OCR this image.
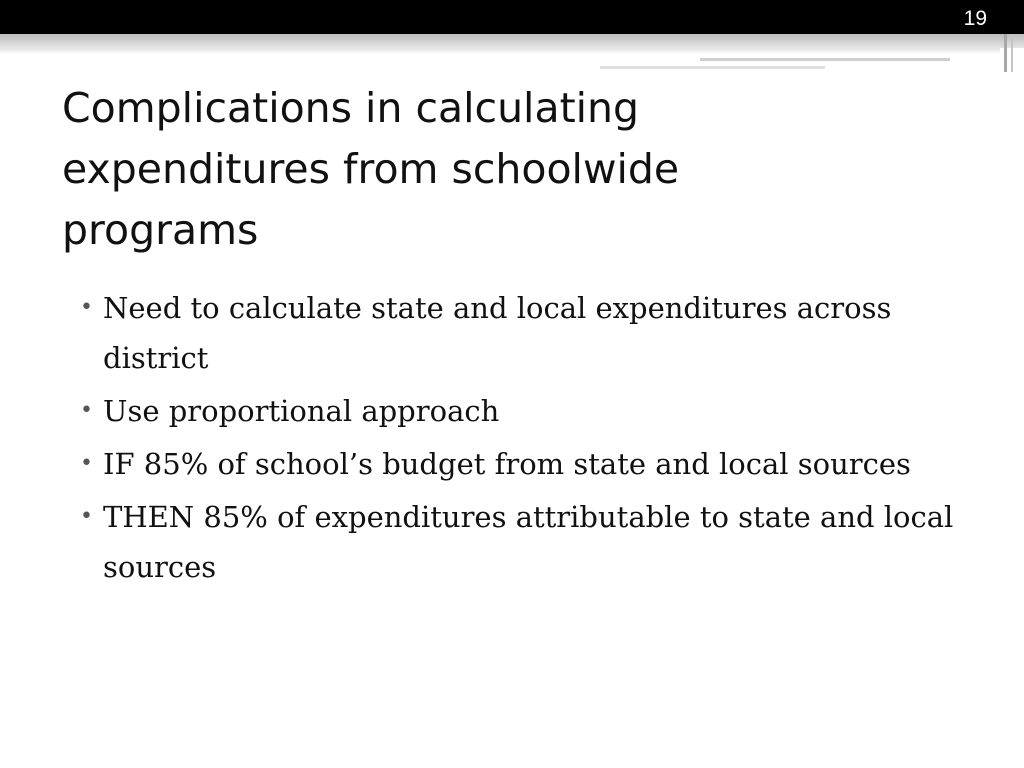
19
Complications in calculating expenditures from schoolwide programs
• Need to calculate state and local expenditures across district
• Use proportional approach
• IF 85% of school’s budget from state and local sources
• THEN 85% of expenditures attributable to state and local sources
